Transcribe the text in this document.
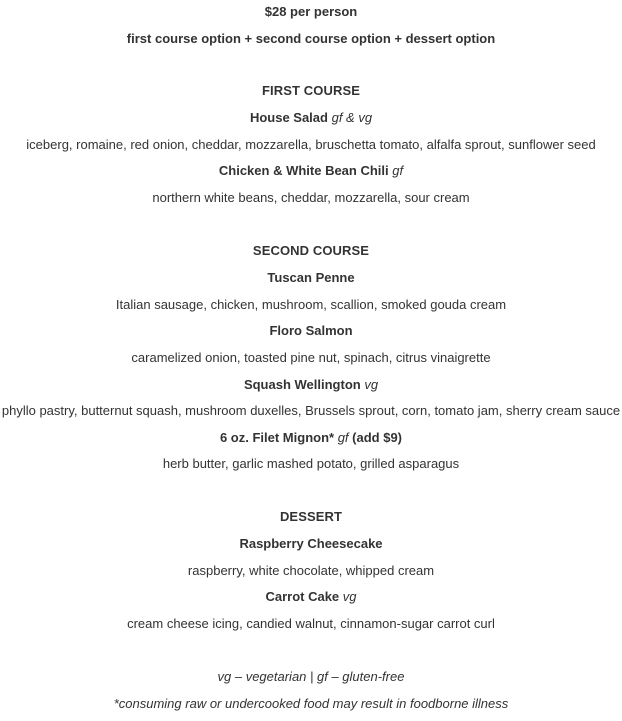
$28 per person
first course option + second course option + dessert option
FIRST COURSE
House Salad gf & vg
iceberg, romaine, red onion, cheddar, mozzarella, bruschetta tomato, alfalfa sprout, sunflower seed
Chicken & White Bean Chili gf
northern white beans, cheddar, mozzarella, sour cream
SECOND COURSE
Tuscan Penne
Italian sausage, chicken, mushroom, scallion, smoked gouda cream
Floro Salmon
caramelized onion, toasted pine nut, spinach, citrus vinaigrette
Squash Wellington vg
phyllo pastry, butternut squash, mushroom duxelles, Brussels sprout, corn, tomato jam, sherry cream sauce
6 oz. Filet Mignon* gf (add $9)
herb butter, garlic mashed potato, grilled asparagus
DESSERT
Raspberry Cheesecake
raspberry, white chocolate, whipped cream
Carrot Cake vg
cream cheese icing, candied walnut, cinnamon-sugar carrot curl
vg – vegetarian | gf – gluten-free
*consuming raw or undercooked food may result in foodborne illness
